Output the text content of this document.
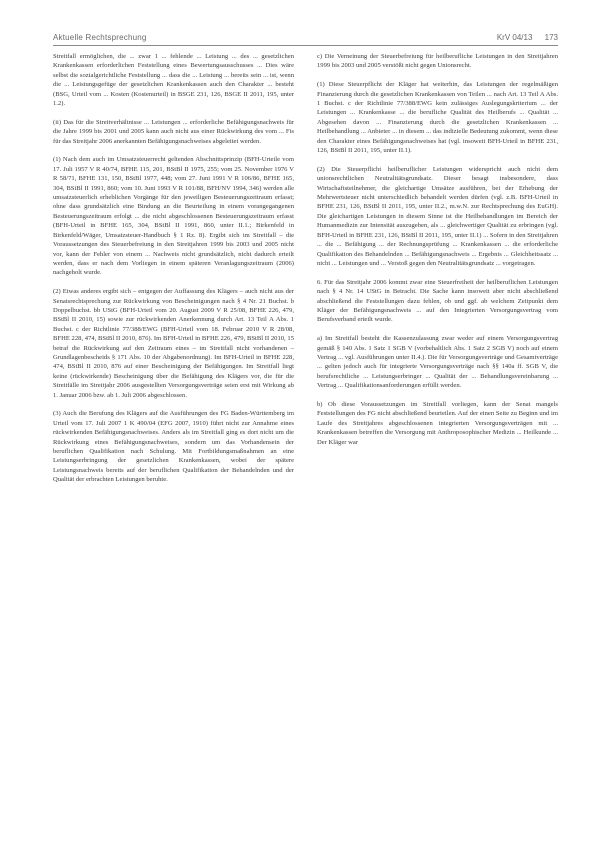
Aktuelle Rechtsprechung	KrV 04/13 173

Streitfall ermöglichen, die ... zwar 1 ... fehlende ... Leistung ... des ... gesetzlichen Krankenkassen erforderlichen Feststellung eines Bewertungsausschusses ... Dies wäre selbst die sozialgerichtliche Feststellung ... dass die ... Leistung ... bereits sein ... ist, wenn die ... Leistungsgefüge der gesetzlichen Krankenkassen auch den Charakter ... besteht (BSG, Urteil vom ... Kosten (Kostenurteil) in BSGE 231, 126, BSGE II 2011, 195, unter 1.2).

(ii) Das für die Streitverhältnisse ... Leistungen ... erforderliche Befähigungsnachweis für die Jahre 1999 bis 2001 und 2005 kann auch nicht aus einer Rückwirkung des vom ... Fis für das Streitjahr 2006 anerkannten Befähigungsnachweises abgeleitet werden.

(1) Nach dem auch im Umsatzsteuerrecht geltenden Abschnittsprinzip (BFH-Urteile vom 17. Juli 1957 V R 40/74, BFHE 115, 201, BStBl II 1975, 255; vom 25. November 1976 V R 58/71, BFHE 131, 150, BStBl 1977, 448; vom 27. Juni 1991 V R 106/86, BFHE 165, 304, BStBl II 1991, 860; vom 10. Juni 1993 V R 101/88, BFH/NV 1994, 346) werden alle umsatzsteuerlich erheblichen Vorgänge für den jeweiligen Besteuerungszeitraum erfasst; ohne dass grundsätzlich eine Bindung an die Beurteilung in einem vorangegangenen Besteuerungszeitraum erfolgt ... die nicht abgeschlossenen Besteuerungszeitraum erfasst (BFH-Urteil in BFHE 165, 304, BStBl II 1991, 860, unter II.1.; Birkenfeld in Birkenfeld/Wäger, Umsatzsteuer-Handbuch § 1 Rz. 8). Ergibt sich im Streitfall – die Voraussetzungen des Steuerbefreiung in den Streitjahren 1999 bis 2003 und 2005 nicht vor, kann der Fehler von einem ... Nachweis nicht grundsätzlich, nicht dadurch erteilt werden, dass er nach dem Vorliegen in einem späteren Veranlagungszeitraum (2006) nachgeholt wurde.

(2) Etwas anderes ergibt sich – entgegen der Auffassung des Klägers – auch nicht aus der Senatsrechtsprechung zur Rückwirkung von Bescheinigungen nach § 4 Nr. 21 Buchst. b Doppelbuchst. bb UStG (BFH-Urteil vom 20. August 2009 V R 25/08, BFHE 226, 479, BStBl II 2010, 15) sowie zur rückwirkenden Anerkennung durch Art. 13 Teil A Abs. 1 Buchst. c der Richtlinie 77/388/EWG (BFH-Urteil vom 18. Februar 2010 V R 28/08, BFHE 228, 474, BStBl II 2010, 876). Im BFH-Urteil in BFHE 226, 479, BStBl II 2010, 15 betraf die Rückwirkung auf den Zeitraum eines – im Streitfall nicht vorhandenen – Grundlagenbescheids § 171 Abs. 10 der Abgabenordnung). Im BFH-Urteil in BFHE 228, 474, BStBl II 2010, 876 auf einer Bescheinigung der Befähigungen. Im Streitfall liegt keine (rückwirkende) Bescheinigung über die Befähigung des Klägers vor, die für die Streitfälle im Streitjahr 2006 ausgestellten Versorgungsverträge seien erst mit Wirkung ab 1. Januar 2006 bzw. ab 1. Juli 2006 abgeschlossen.

(3) Auch die Berufung des Klägers auf die Ausführungen des FG Baden-Württemberg im Urteil vom 17. Juli 2007 1 K 490/04 (EFG 2007, 1910) führt nicht zur Annahme eines rückwirkenden Befähigungsnachweises. Anders als im Streitfall ging es dort nicht um die Rückwirkung eines Befähigungsnachweises, sondern um das Vorhandensein der beruflichen Qualifikation nach Schulung. Mit Fortbildungsmaßnahmen an eine Leistungserbringung der gesetzlichen Krankenkassen, wobei der spätere Leistungsnachweis bereits auf der beruflichen Qualifikation der Behandelnden und der Qualität der erbrachten Leistungen beruhte.

c) Die Verneinung der Steuerbefreiung für heilberufliche Leistungen in den Streitjahren 1999 bis 2003 und 2005 verstößt nicht gegen Unionsrecht.

(1) Diese Steuerpflicht der Kläger hat weiterhin, das Leistungen der regelmäßigen Finanzierung durch die gesetzlichen Krankenkassen von Teilen ... nach Art. 13 Teil A Abs. 1 Buchst. c der Richtlinie 77/388/EWG kein zulässiges Auslegungskriterium ... der Leistungen ... Krankenkasse ... die berufliche Qualität des Heilberufs ... Qualität ... Abgesehen davon ... Finanzierung durch die gesetzlichen Krankenkassen ... Heilbehandlung ... Anbieter ... in diesem ... das indizielle Bedeutung zukommt, wenn diese den Charakter eines Befähigungsnachweises hat (vgl. insoweit BFH-Urteil in BFHE 231, 126, BStBl II 2011, 195, unter II.1).

(2) Die Steuerpflicht heilberuflicher Leistungen widerspricht auch nicht dem unionsrechtlichen Neutralitätsgrundsatz. Dieser besagt insbesondere, dass Wirtschaftsteilnehmer, die gleichartige Umsätze ausführen, bei der Erhebung der Mehrwertsteuer nicht unterschiedlich behandelt werden dürfen (vgl. z.B. BFH-Urteil in BFHE 231, 126, BStBl II 2011, 195, unter II.2., m.w.N. zur Rechtsprechung des EuGH). Die gleichartigen Leistungen in diesem Sinne ist die Heilbehandlungen im Bereich der Humanmedizin zur Intensität auszugeben, als ... gleichwertiger Qualität zu erbringen (vgl. BFH-Urteil in BFHE 231, 126, BStBl II 2011, 195, unter II.1) ... Sofern in den Streitjahren ... die ... Befähigung ... der Rechnungsprüfung ... Krankenkassen ... die erforderliche Qualifikation des Behandelnden ... Befähigungsnachweis ... Ergebnis ... Gleichheitssatz ... nicht ... Leistungen und ... Verstoß gegen den Neutralitätsgrundsatz ... vorgetragen.

6. Für das Streitjahr 2006 kommt zwar eine Steuerfreiheit der heilberuflichen Leistungen nach § 4 Nr. 14 UStG in Betracht. Die Sache kann insoweit aber nicht abschließend abschließend die Feststellungen dazu fehlen, ob und ggf. ab welchem Zeitpunkt dem Kläger der Befähigungsnachweis ... auf den Integrierten Versorgungsvertrag vom Berufsverband erteilt wurde.

a) Im Streitfall besteht die Kassenzulassung zwar weder auf einem Versorgungsvertrag gemäß § 140 Abs. 1 Satz 1 SGB V (vorbehaltlich Abs. 1 Satz 2 SGB V) noch auf einem Vertrag ... vgl. Ausführungen unter II.4.). Die für Versorgungsverträge und Gesamtverträge ... gelten jedoch auch für integrierte Versorgungsverträge nach §§ 140a ff. SGB V, die berufsrechtliche ... Leistungserbringer ... Qualität der ... Behandlungsvereinbarung ... Vertrag ... Qualifikationsanforderungen erfüllt werden.

b) Ob diese Voraussetzungen im Streitfall vorliegen, kann der Senat mangels Feststellungen des FG nicht abschließend beurteilen. Auf der einen Seite zu Beginn und im Laufe des Streitjahres abgeschlossenen integrierten Versorgungsverträgen mit ... Krankenkassen betreffen die Versorgung mit Anthroposophischer Medizin ... Heilkunde ... Der Kläger war
